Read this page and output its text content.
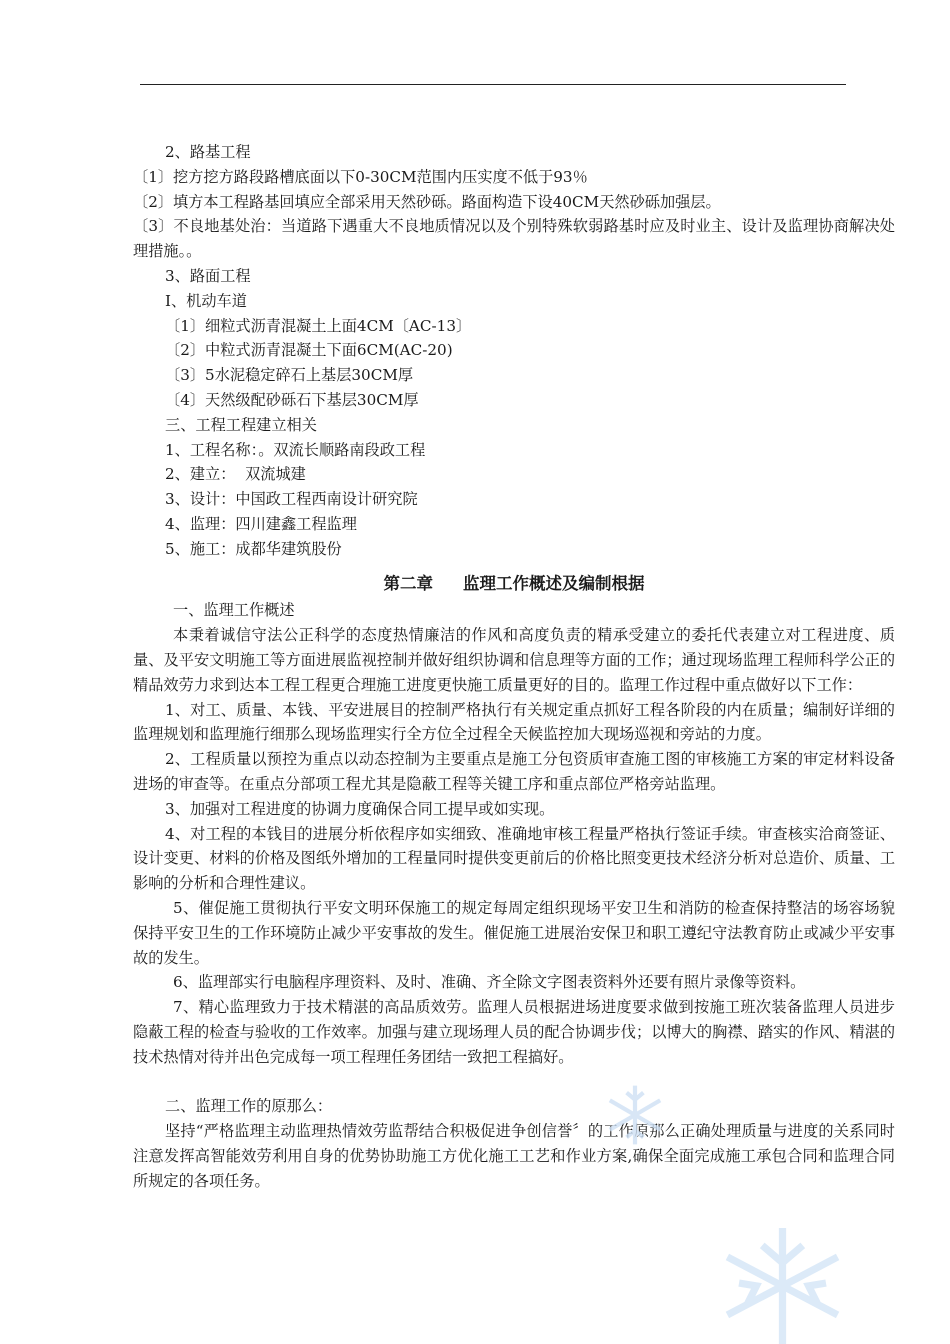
2、路基工程

〔1〕挖方挖方路段路槽底面以下0-30CM范围内压实度不低于93％

〔2〕填方本工程路基回填应全部采用天然砂砾。路面构造下设40CM天然砂砾加强层。

〔3〕不良地基处治：当道路下遇重大不良地质情况以及个别特殊软弱路基时应及时业主、设计及监理协商解决处理措施。。

3、路面工程

Ⅰ、机动车道

〔1〕细粒式沥青混凝土上面4CM〔AC-13〕

〔2〕中粒式沥青混凝土下面6CM(AC-20)

〔3〕5水泥稳定碎石上基层30CM厚

〔4〕天然级配砂砾石下基层30CM厚

三、工程工程建立相关

1、工程名称：。双流长顺路南段政工程

2、建立：  双流城建

3、设计：中国政工程西南设计研究院

4、监理：四川建鑫工程监理

5、施工：成都华建筑股份

第二章 监理工作概述及编制根据

一、监理工作概述

本秉着诚信守法公正科学的态度热情廉洁的作风和高度负责的精承受建立的委托代表建立对工程进度、质量、及平安文明施工等方面进展监视控制并做好组织协调和信息理等方面的工作；通过现场监理工程师科学公正的精品效劳力求到达本工程工程更合理施工进度更快施工质量更好的目的。监理工作过程中重点做好以下工作：

1、对工、质量、本钱、平安进展目的控制严格执行有关规定重点抓好工程各阶段的内在质量；编制好详细的监理规划和监理施行细那么现场监理实行全方位全过程全天候监控加大现场巡视和旁站的力度。

2、工程质量以预控为重点以动态控制为主要重点是施工分包资质审查施工图的审核施工方案的审定材料设备进场的审查等。在重点分部项工程尤其是隐蔽工程等关键工序和重点部位严格旁站监理。

3、加强对工程进度的协调力度确保合同工提早或如实现。

4、对工程的本钱目的进展分析依程序如实细致、准确地审核工程量严格执行签证手续。审查核实洽商签证、设计变更、材料的价格及图纸外增加的工程量同时提供变更前后的价格比照变更技术经济分析对总造价、质量、工影响的分析和合理性建议。

5、催促施工贯彻执行平安文明环保施工的规定每周定组织现场平安卫生和消防的检查保持整洁的场容场貌保持平安卫生的工作环境防止减少平安事故的发生。催促施工进展治安保卫和职工遵纪守法教育防止或减少平安事故的发生。

6、监理部实行电脑程序理资料、及时、准确、齐全除文字图表资料外还要有照片录像等资料。

7、精心监理致力于技术精湛的高品质效劳。监理人员根据进场进度要求做到按施工班次装备监理人员进步隐蔽工程的检查与验收的工作效率。加强与建立现场理人员的配合协调步伐；以博大的胸襟、踏实的作风、精湛的技术热情对待并出色完成每一项工程理任务团结一致把工程搞好。

二、监理工作的原那么：

坚持“严格监理主动监理热情效劳监帮结合积极促进争创信誉〞的工作原那么正确处理质量与进度的关系同时注意发挥高智能效劳利用自身的优势协助施工方优化施工工艺和作业方案,确保全面完成施工承包合同和监理合同所规定的各项任务。
